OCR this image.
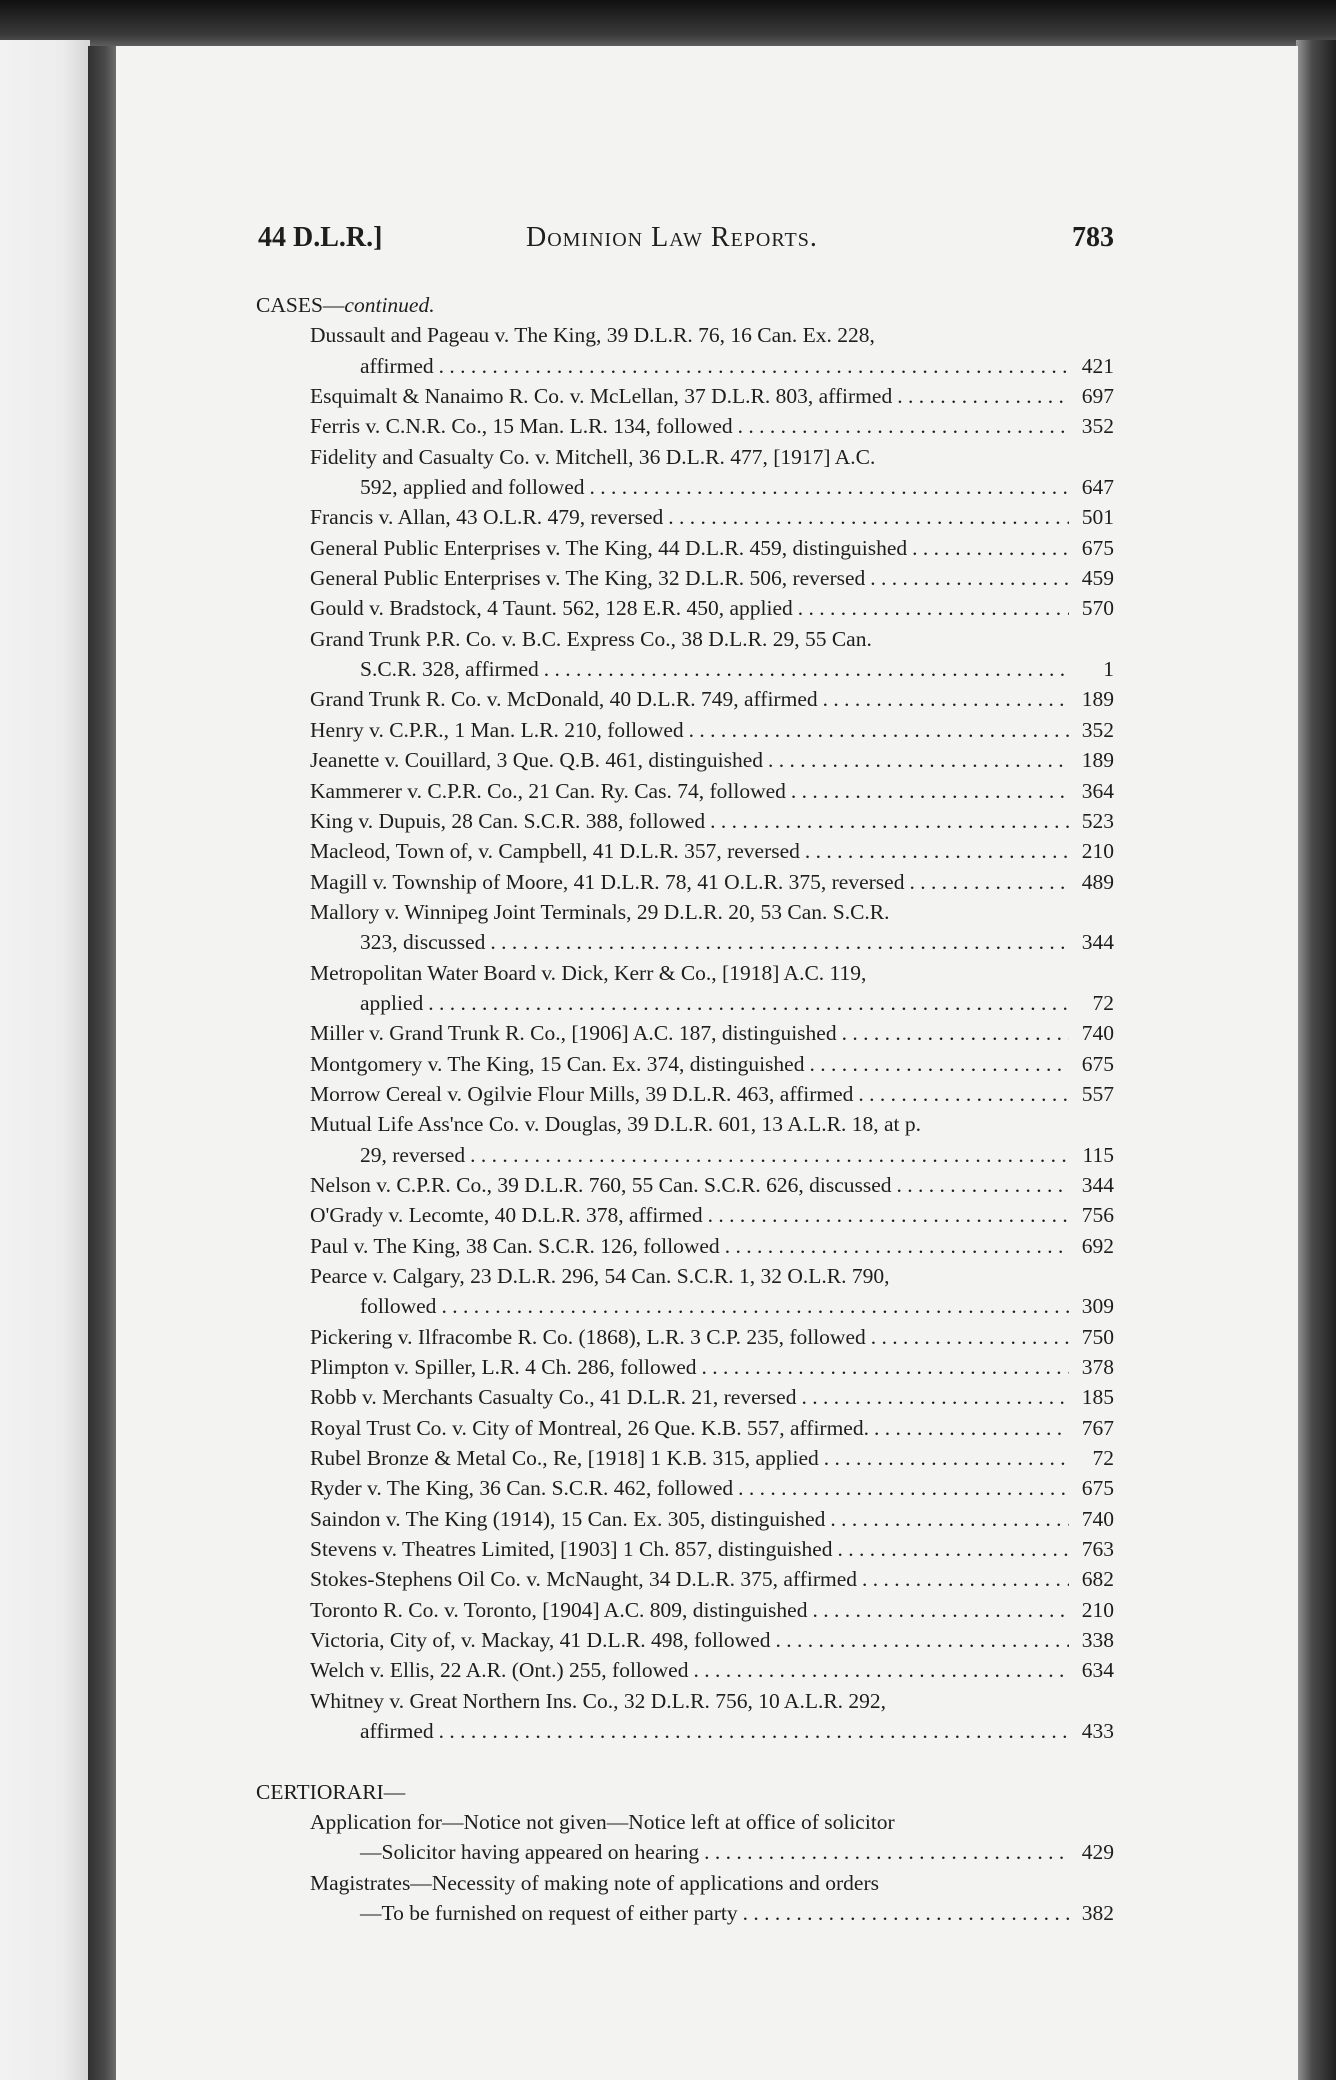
44 D.L.R.]	Dominion Law Reports.	783
CASES—continued.
Dussault and Pageau v. The King, 39 D.L.R. 76, 16 Can. Ex. 228,
affirmed . . .	421
Esquimalt & Nanaimo R. Co. v. McLellan, 37 D.L.R. 803, affirmed . . .	697
Ferris v. C.N.R. Co., 15 Man. L.R. 134, followed . . .	352
Fidelity and Casualty Co. v. Mitchell, 36 D.L.R. 477, [1917] A.C.
592, applied and followed . . .	647
Francis v. Allan, 43 O.L.R. 479, reversed . . .	501
General Public Enterprises v. The King, 44 D.L.R. 459, distinguished . . .	675
General Public Enterprises v. The King, 32 D.L.R. 506, reversed . . .	459
Gould v. Bradstock, 4 Taunt. 562, 128 E.R. 450, applied . . .	570
Grand Trunk P.R. Co. v. B.C. Express Co., 38 D.L.R. 29, 55 Can.
S.C.R. 328, affirmed . . .	1
Grand Trunk R. Co. v. McDonald, 40 D.L.R. 749, affirmed . . .	189
Henry v. C.P.R., 1 Man. L.R. 210, followed . . .	352
Jeanette v. Couillard, 3 Que. Q.B. 461, distinguished . . .	189
Kammerer v. C.P.R. Co., 21 Can. Ry. Cas. 74, followed . . .	364
King v. Dupuis, 28 Can. S.C.R. 388, followed . . .	523
Macleod, Town of, v. Campbell, 41 D.L.R. 357, reversed . . .	210
Magill v. Township of Moore, 41 D.L.R. 78, 41 O.L.R. 375, reversed . . .	489
Mallory v. Winnipeg Joint Terminals, 29 D.L.R. 20, 53 Can. S.C.R.
323, discussed . . .	344
Metropolitan Water Board v. Dick, Kerr & Co., [1918] A.C. 119,
applied . . .	72
Miller v. Grand Trunk R. Co., [1906] A.C. 187, distinguished . . .	740
Montgomery v. The King, 15 Can. Ex. 374, distinguished . . .	675
Morrow Cereal v. Ogilvie Flour Mills, 39 D.L.R. 463, affirmed . . .	557
Mutual Life Ass'nce Co. v. Douglas, 39 D.L.R. 601, 13 A.L.R. 18, at p.
29, reversed . . .	115
Nelson v. C.P.R. Co., 39 D.L.R. 760, 55 Can. S.C.R. 626, discussed . . .	344
O'Grady v. Lecomte, 40 D.L.R. 378, affirmed . . .	756
Paul v. The King, 38 Can. S.C.R. 126, followed . . .	692
Pearce v. Calgary, 23 D.L.R. 296, 54 Can. S.C.R. 1, 32 O.L.R. 790,
followed . . .	309
Pickering v. Ilfracombe R. Co. (1868), L.R. 3 C.P. 235, followed . . .	750
Plimpton v. Spiller, L.R. 4 Ch. 286, followed . . .	378
Robb v. Merchants Casualty Co., 41 D.L.R. 21, reversed . . .	185
Royal Trust Co. v. City of Montreal, 26 Que. K.B. 557, affirmed. . . .	767
Rubel Bronze & Metal Co., Re, [1918] 1 K.B. 315, applied . . .	72
Ryder v. The King, 36 Can. S.C.R. 462, followed . . .	675
Saindon v. The King (1914), 15 Can. Ex. 305, distinguished . . .	740
Stevens v. Theatres Limited, [1903] 1 Ch. 857, distinguished . . .	763
Stokes-Stephens Oil Co. v. McNaught, 34 D.L.R. 375, affirmed . . .	682
Toronto R. Co. v. Toronto, [1904] A.C. 809, distinguished . . .	210
Victoria, City of, v. Mackay, 41 D.L.R. 498, followed . . .	338
Welch v. Ellis, 22 A.R. (Ont.) 255, followed . . .	634
Whitney v. Great Northern Ins. Co., 32 D.L.R. 756, 10 A.L.R. 292,
affirmed . . .	433
CERTIORARI—
Application for—Notice not given—Notice left at office of solicitor
—Solicitor having appeared on hearing . . .	429
Magistrates—Necessity of making note of applications and orders
—To be furnished on request of either party . . .	382
